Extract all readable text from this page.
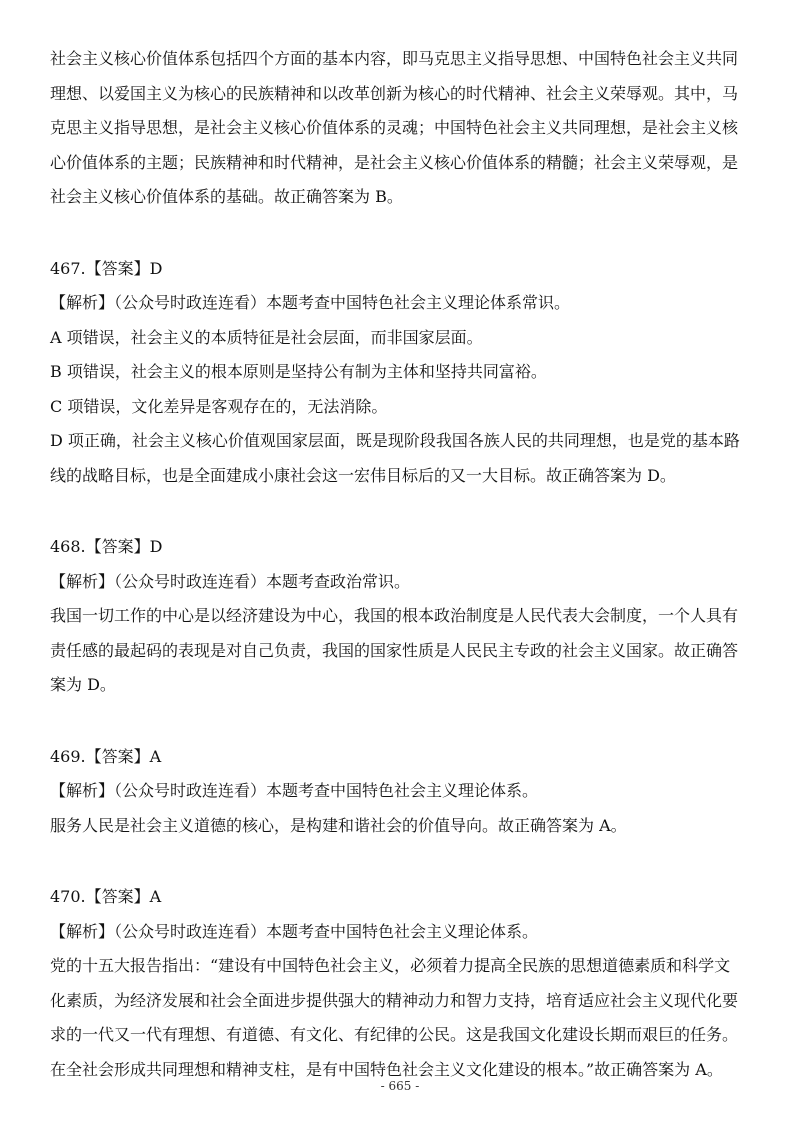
社会主义核心价值体系包括四个方面的基本内容，即马克思主义指导思想、中国特色社会主义共同
理想、以爱国主义为核心的民族精神和以改革创新为核心的时代精神、社会主义荣辱观。其中，马
克思主义指导思想，是社会主义核心价值体系的灵魂；中国特色社会主义共同理想，是社会主义核
心价值体系的主题；民族精神和时代精神，是社会主义核心价值体系的精髓；社会主义荣辱观，是
社会主义核心价值体系的基础。故正确答案为 B。
467.【答案】D
【解析】（公众号时政连连看）本题考查中国特色社会主义理论体系常识。
A 项错误，社会主义的本质特征是社会层面，而非国家层面。
B 项错误，社会主义的根本原则是坚持公有制为主体和坚持共同富裕。
C 项错误，文化差异是客观存在的，无法消除。
D 项正确，社会主义核心价值观国家层面，既是现阶段我国各族人民的共同理想，也是党的基本路
线的战略目标，也是全面建成小康社会这一宏伟目标后的又一大目标。故正确答案为 D。
468.【答案】D
【解析】（公众号时政连连看）本题考查政治常识。
我国一切工作的中心是以经济建设为中心，我国的根本政治制度是人民代表大会制度，一个人具有
责任感的最起码的表现是对自己负责，我国的国家性质是人民民主专政的社会主义国家。故正确答
案为 D。
469.【答案】A
【解析】（公众号时政连连看）本题考查中国特色社会主义理论体系。
服务人民是社会主义道德的核心，是构建和谐社会的价值导向。故正确答案为 A。
470.【答案】A
【解析】（公众号时政连连看）本题考查中国特色社会主义理论体系。
党的十五大报告指出：“建设有中国特色社会主义，必须着力提高全民族的思想道德素质和科学文
化素质，为经济发展和社会全面进步提供强大的精神动力和智力支持，培育适应社会主义现代化要
求的一代又一代有理想、有道德、有文化、有纪律的公民。这是我国文化建设长期而艰巨的任务。
在全社会形成共同理想和精神支柱，是有中国特色社会主义文化建设的根本。”故正确答案为 A。
- 665 -
